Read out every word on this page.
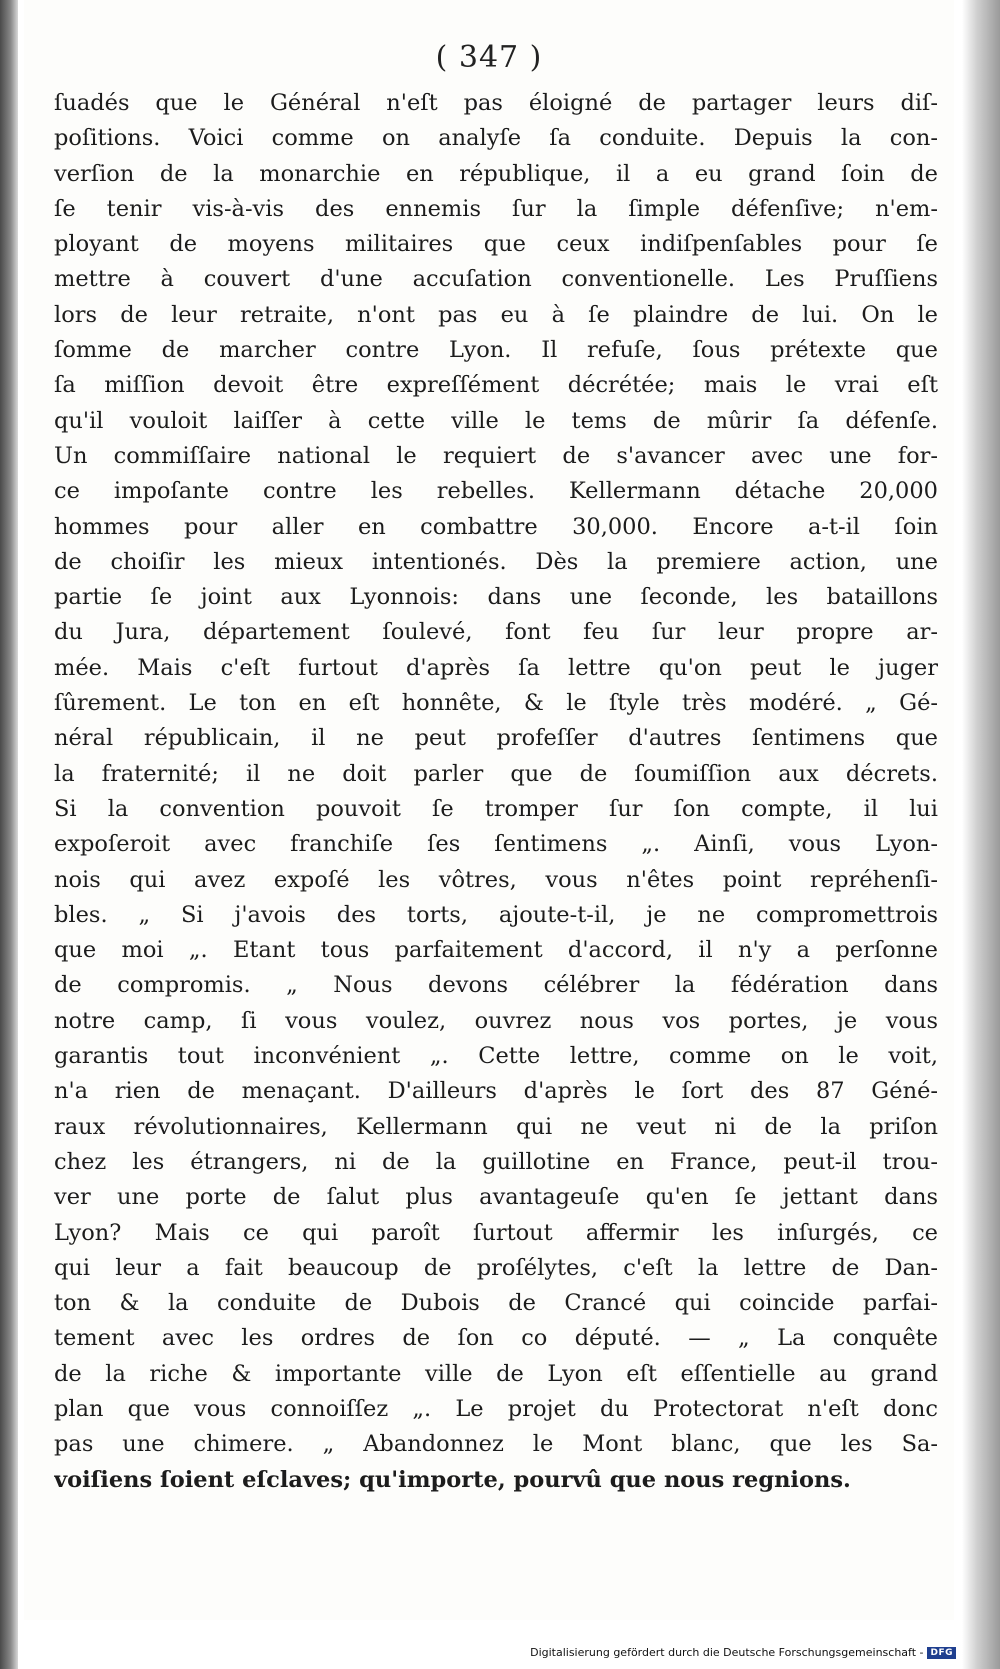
( 347 )
ſuadés que le Général n'eſt pas éloigné de partager leurs diſ-
poſitions. Voici comme on analyſe ſa conduite. Depuis la con-
verſion de la monarchie en république, il a eu grand ſoin de
ſe tenir vis-à-vis des ennemis ſur la ſimple défenſive; n'em-
ployant de moyens militaires que ceux indiſpenſables pour ſe
mettre à couvert d'une accuſation conventionelle. Les Pruſſiens
lors de leur retraite, n'ont pas eu à ſe plaindre de lui. On le
ſomme de marcher contre Lyon. Il refuſe, ſous prétexte que
ſa miſſion devoit être expreſſément décrétée; mais le vrai eſt
qu'il vouloit laiſſer à cette ville le tems de mûrir ſa défenſe.
Un commiſſaire national le requiert de s'avancer avec une for-
ce impoſante contre les rebelles. Kellermann détache 20,000
hommes pour aller en combattre 30,000. Encore a-t-il ſoin
de choiſir les mieux intentionés. Dès la premiere action, une
partie ſe joint aux Lyonnois: dans une ſeconde, les bataillons
du Jura, département ſoulevé, font feu ſur leur propre ar-
mée. Mais c'eſt furtout d'après ſa lettre qu'on peut le juger
ſûrement. Le ton en eſt honnête, & le ſtyle très modéré. „ Gé-
néral républicain, il ne peut profeſſer d'autres ſentimens que
la fraternité; il ne doit parler que de ſoumiſſion aux décrets.
Si la convention pouvoit ſe tromper ſur ſon compte, il lui
expoſeroit avec franchiſe ſes ſentimens „. Ainſi, vous Lyon-
nois qui avez expoſé les vôtres, vous n'êtes point repréhenſi-
bles. „ Si j'avois des torts, ajoute-t-il, je ne compromettrois
que moi „. Etant tous parfaitement d'accord, il n'y a perſonne
de compromis. „ Nous devons célébrer la fédération dans
notre camp, ſi vous voulez, ouvrez nous vos portes, je vous
garantis tout inconvénient „. Cette lettre, comme on le voit,
n'a rien de menaçant. D'ailleurs d'après le ſort des 87 Géné-
raux révolutionnaires, Kellermann qui ne veut ni de la priſon
chez les étrangers, ni de la guillotine en France, peut-il trou-
ver une porte de ſalut plus avantageuſe qu'en ſe jettant dans
Lyon? Mais ce qui paroît ſurtout affermir les inſurgés, ce
qui leur a fait beaucoup de proſélytes, c'eſt la lettre de Dan-
ton & la conduite de Dubois de Crancé qui coincide parfai-
tement avec les ordres de ſon co député. — „ La conquête
de la riche & importante ville de Lyon eſt eſſentielle au grand
plan que vous connoiſſez „. Le projet du Protectorat n'eſt donc
pas une chimere. „ Abandonnez le Mont blanc, que les Sa-
voiſiens ſoient eſclaves; qu'importe, pourvû que nous regnions.
Digitalisierung gefördert durch die Deutsche Forschungsgemeinschaft - DFG
